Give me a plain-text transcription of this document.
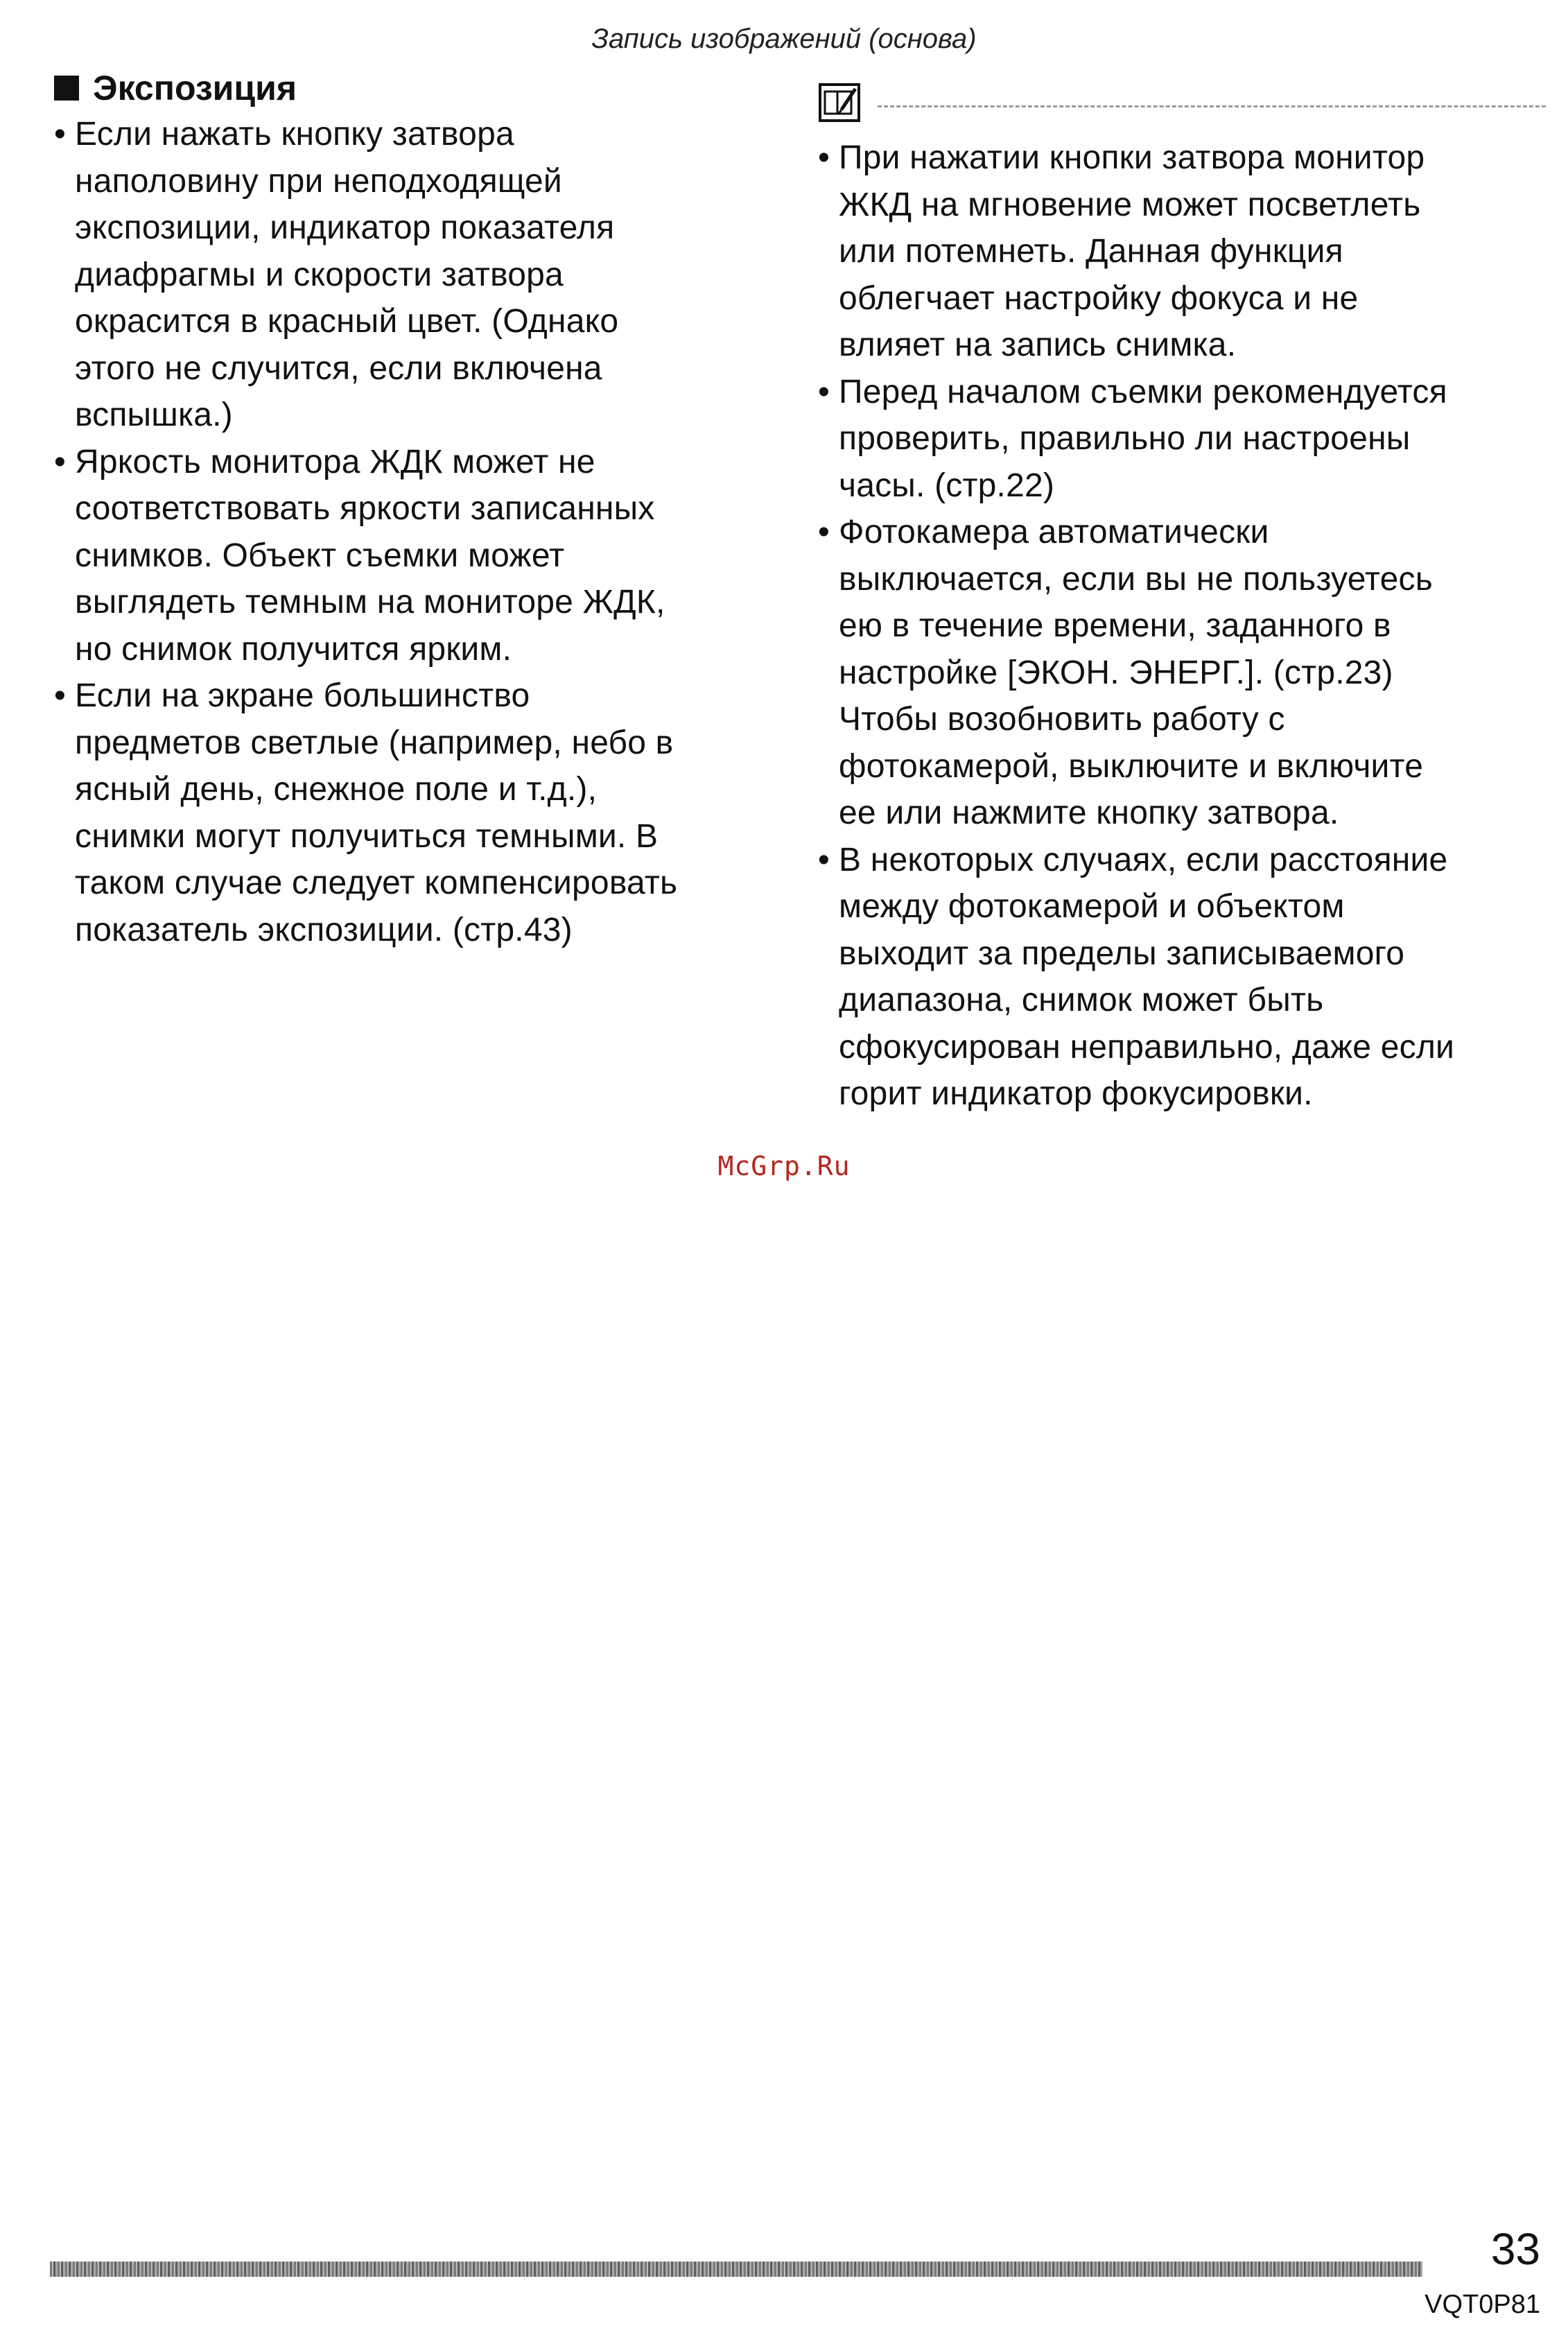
Запись изображений (основа)
Экспозиция
• Если нажать кнопку затвора
наполовину при неподходящей
экспозиции, индикатор показателя
диафрагмы и скорости затвора
окрасится в красный цвет. (Однако
этого не случится, если включена
вспышка.)
• Яркость монитора ЖДК может не
соответствовать яркости записанных
снимков. Объект съемки может
выглядеть темным на мониторе ЖДК,
но снимок получится ярким.
• Если на экране большинство
предметов светлые (например, небо в
ясный день, снежное поле и т.д.),
снимки могут получиться темными. В
таком случае следует компенсировать
показатель экспозиции. (стр.43)
• При нажатии кнопки затвора монитор
ЖКД на мгновение может посветлеть
или потемнеть. Данная функция
облегчает настройку фокуса и не
влияет на запись снимка.
• Перед началом съемки рекомендуется
проверить, правильно ли настроены
часы. (стр.22)
• Фотокамера автоматически
выключается, если вы не пользуетесь
ею в течение времени, заданного в
настройке [ЭКОН. ЭНЕРГ.]. (стр.23)
Чтобы возобновить работу с
фотокамерой, выключите и включите
ее или нажмите кнопку затвора.
• В некоторых случаях, если расстояние
между фотокамерой и объектом
выходит за пределы записываемого
диапазона, снимок может быть
сфокусирован неправильно, даже если
горит индикатор фокусировки.
McGrp.Ru
33
VQT0P81
